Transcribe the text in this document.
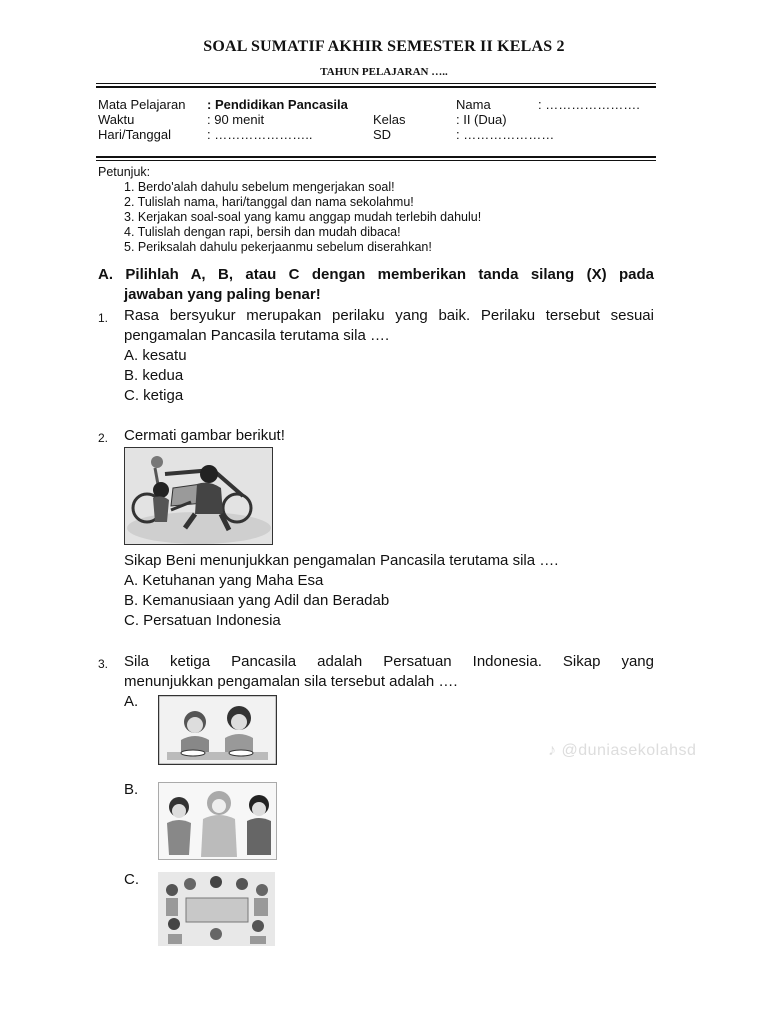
SOAL SUMATIF AKHIR SEMESTER II KELAS 2
TAHUN PELAJARAN …..
Mata Pelajaran : Pendidikan Pancasila
Waktu	: 90 menit
Hari/Tanggal	: …………………..
Nama	: ………………….
Kelas	: II (Dua)
SD	: …………………
Petunjuk:
1. Berdo'alah dahulu sebelum mengerjakan soal!
2. Tulislah nama, hari/tanggal dan nama sekolahmu!
3. Kerjakan soal-soal yang kamu anggap mudah terlebih dahulu!
4. Tulislah dengan rapi, bersih dan mudah dibaca!
5. Periksalah dahulu pekerjaanmu sebelum diserahkan!
A. Pilihlah A, B, atau C dengan memberikan tanda silang (X) pada
jawaban yang paling benar!
1. Rasa bersyukur merupakan perilaku yang baik. Perilaku tersebut sesuai
pengamalan Pancasila terutama sila ….
A. kesatu
B. kedua
C. ketiga
2. Cermati gambar berikut!
Sikap Beni menunjukkan pengamalan Pancasila terutama sila ….
A. Ketuhanan yang Maha Esa
B. Kemanusiaan yang Adil dan Beradab
C. Persatuan Indonesia
3. Sila ketiga Pancasila adalah Persatuan Indonesia. Sikap yang
menunjukkan pengamalan sila tersebut adalah ….
A.
B.
C.
♪ @duniasekolahsd
